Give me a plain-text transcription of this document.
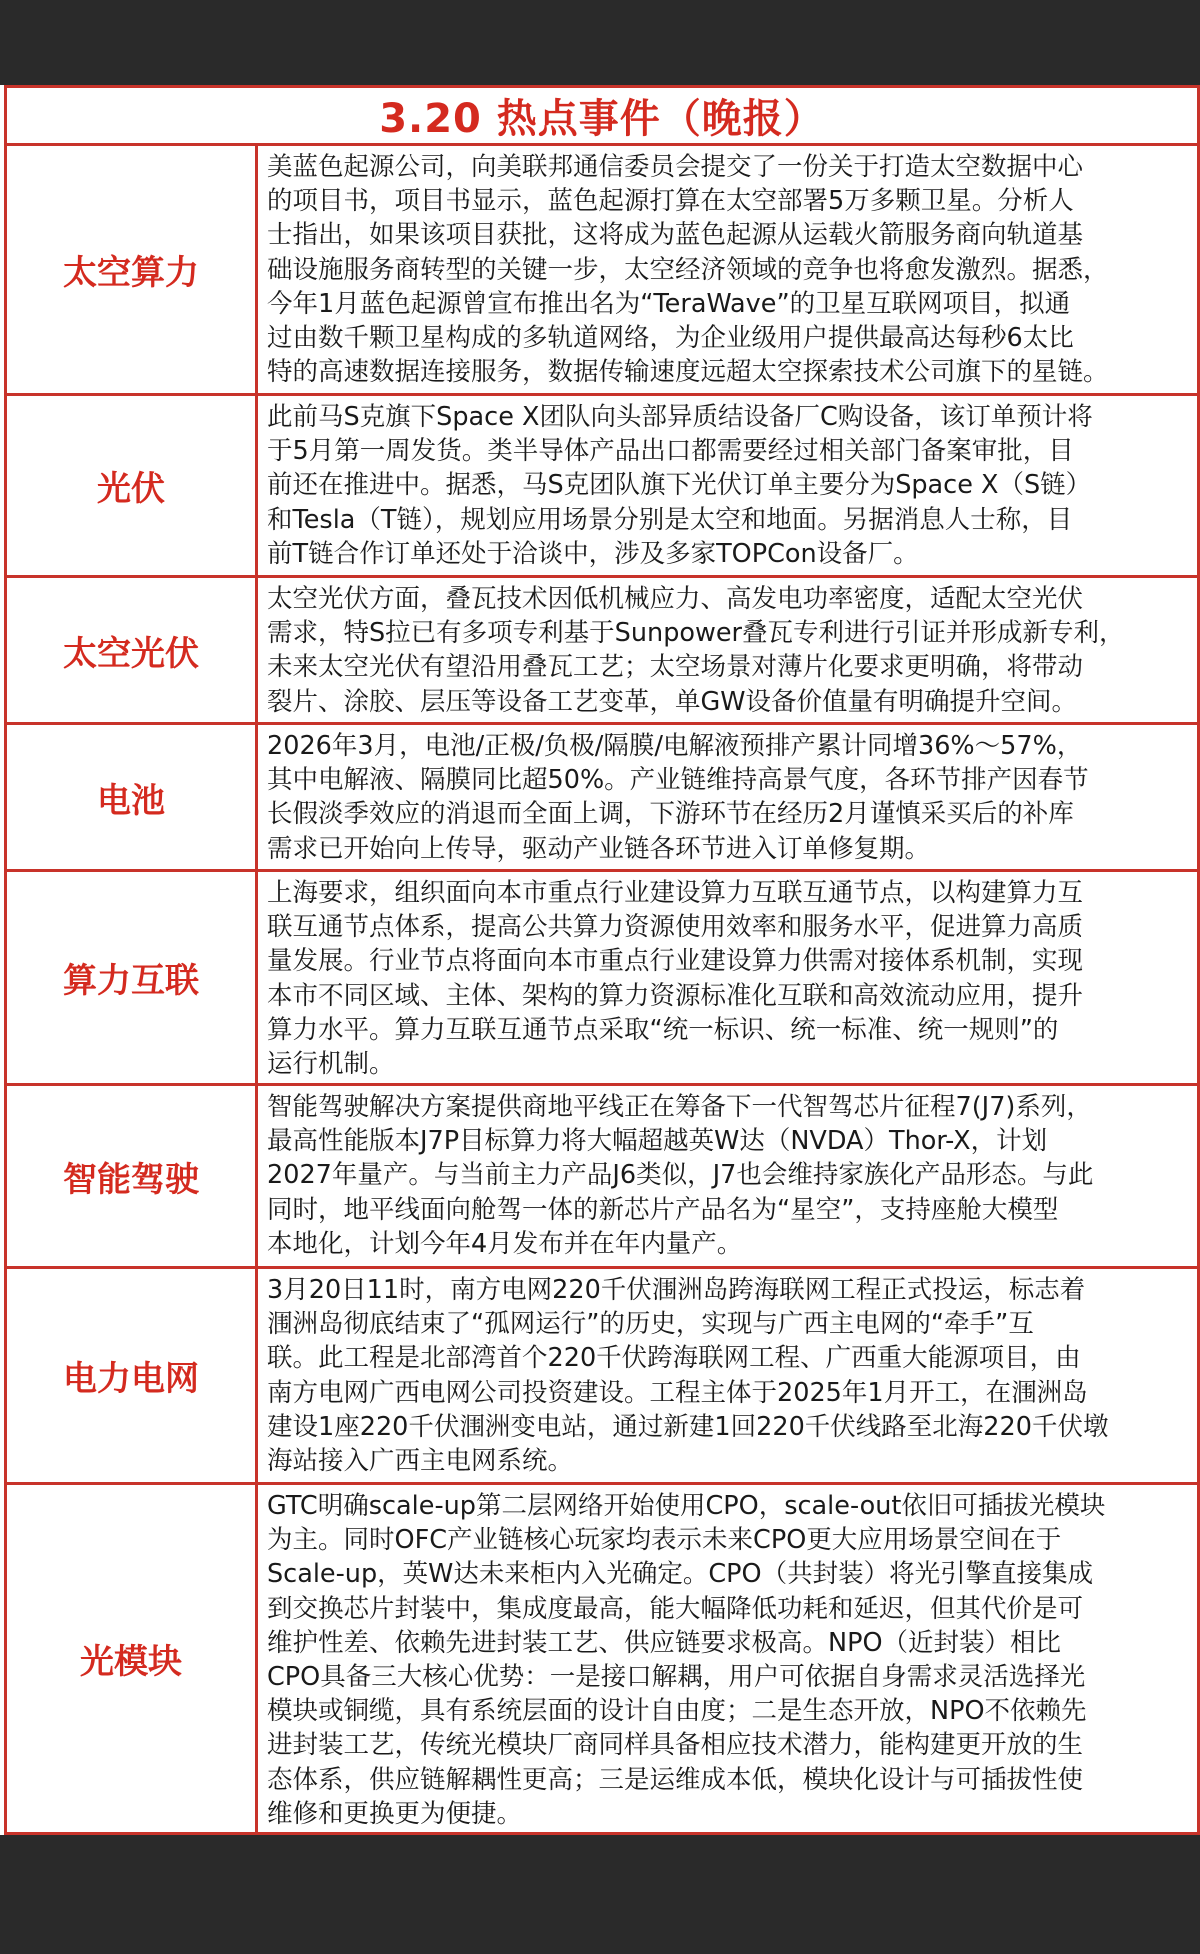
3.20 热点事件（晚报）
太空算力
美蓝色起源公司，向美联邦通信委员会提交了一份关于打造太空数据中心
的项目书，项目书显示，蓝色起源打算在太空部署5万多颗卫星。分析人
士指出，如果该项目获批，这将成为蓝色起源从运载火箭服务商向轨道基
础设施服务商转型的关键一步，太空经济领域的竞争也将愈发激烈。据悉，
今年1月蓝色起源曾宣布推出名为“TeraWave”的卫星互联网项目，拟通
过由数千颗卫星构成的多轨道网络，为企业级用户提供最高达每秒6太比
特的高速数据连接服务，数据传输速度远超太空探索技术公司旗下的星链。
光伏
此前马S克旗下Space X团队向头部异质结设备厂C购设备，该订单预计将
于5月第一周发货。类半导体产品出口都需要经过相关部门备案审批，目
前还在推进中。据悉，马S克团队旗下光伏订单主要分为Space X（S链）
和Tesla（T链），规划应用场景分别是太空和地面。另据消息人士称，目
前T链合作订单还处于洽谈中，涉及多家TOPCon设备厂。
太空光伏
太空光伏方面，叠瓦技术因低机械应力、高发电功率密度，适配太空光伏
需求，特S拉已有多项专利基于Sunpower叠瓦专利进行引证并形成新专利，
未来太空光伏有望沿用叠瓦工艺；太空场景对薄片化要求更明确，将带动
裂片、涂胶、层压等设备工艺变革，单GW设备价值量有明确提升空间。
电池
2026年3月，电池/正极/负极/隔膜/电解液预排产累计同增36%～57%，
其中电解液、隔膜同比超50%。产业链维持高景气度，各环节排产因春节
长假淡季效应的消退而全面上调，下游环节在经历2月谨慎采买后的补库
需求已开始向上传导，驱动产业链各环节进入订单修复期。
算力互联
上海要求，组织面向本市重点行业建设算力互联互通节点，以构建算力互
联互通节点体系，提高公共算力资源使用效率和服务水平，促进算力高质
量发展。行业节点将面向本市重点行业建设算力供需对接体系机制，实现
本市不同区域、主体、架构的算力资源标准化互联和高效流动应用，提升
算力水平。算力互联互通节点采取“统一标识、统一标准、统一规则”的
运行机制。
智能驾驶
智能驾驶解决方案提供商地平线正在筹备下一代智驾芯片征程7(J7)系列，
最高性能版本J7P目标算力将大幅超越英W达（NVDA）Thor-X，计划
2027年量产。与当前主力产品J6类似，J7也会维持家族化产品形态。与此
同时，地平线面向舱驾一体的新芯片产品名为“星空”，支持座舱大模型
本地化，计划今年4月发布并在年内量产。
电力电网
3月20日11时，南方电网220千伏涠洲岛跨海联网工程正式投运，标志着
涠洲岛彻底结束了“孤网运行”的历史，实现与广西主电网的“牵手”互
联。此工程是北部湾首个220千伏跨海联网工程、广西重大能源项目，由
南方电网广西电网公司投资建设。工程主体于2025年1月开工，在涠洲岛
建设1座220千伏涠洲变电站，通过新建1回220千伏线路至北海220千伏墩
海站接入广西主电网系统。
光模块
GTC明确scale-up第二层网络开始使用CPO，scale-out依旧可插拔光模块
为主。同时OFC产业链核心玩家均表示未来CPO更大应用场景空间在于
Scale-up，英W达未来柜内入光确定。CPO（共封装）将光引擎直接集成
到交换芯片封装中，集成度最高，能大幅降低功耗和延迟，但其代价是可
维护性差、依赖先进封装工艺、供应链要求极高。NPO（近封装）相比
CPO具备三大核心优势：一是接口解耦，用户可依据自身需求灵活选择光
模块或铜缆，具有系统层面的设计自由度；二是生态开放，NPO不依赖先
进封装工艺，传统光模块厂商同样具备相应技术潜力，能构建更开放的生
态体系，供应链解耦性更高；三是运维成本低，模块化设计与可插拔性使
维修和更换更为便捷。
